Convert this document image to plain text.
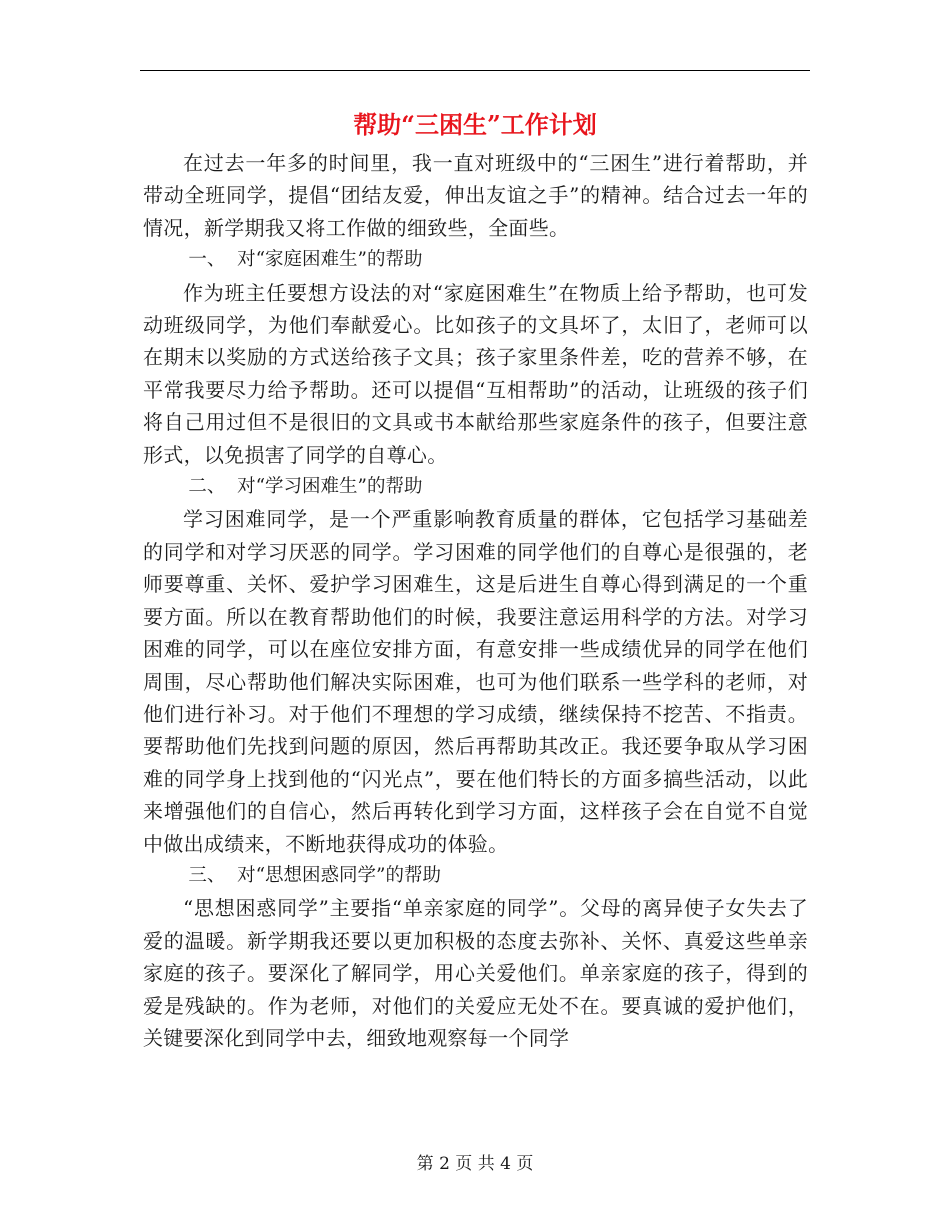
帮助“三困生”工作计划

在过去一年多的时间里，我一直对班级中的“三困生”进行着帮助，并带动全班同学，提倡“团结友爱，伸出友谊之手”的精神。结合过去一年的情况，新学期我又将工作做的细致些，全面些。

一、  对“家庭困难生”的帮助

作为班主任要想方设法的对“家庭困难生”在物质上给予帮助，也可发动班级同学，为他们奉献爱心。比如孩子的文具坏了，太旧了，老师可以在期末以奖励的方式送给孩子文具；孩子家里条件差，吃的营养不够，在平常我要尽力给予帮助。还可以提倡“互相帮助”的活动，让班级的孩子们将自己用过但不是很旧的文具或书本献给那些家庭条件的孩子，但要注意形式，以免损害了同学的自尊心。

二、  对“学习困难生”的帮助

学习困难同学，是一个严重影响教育质量的群体，它包括学习基础差的同学和对学习厌恶的同学。学习困难的同学他们的自尊心是很强的，老师要尊重、关怀、爱护学习困难生，这是后进生自尊心得到满足的一个重要方面。所以在教育帮助他们的时候，我要注意运用科学的方法。对学习困难的同学，可以在座位安排方面，有意安排一些成绩优异的同学在他们周围，尽心帮助他们解决实际困难，也可为他们联系一些学科的老师，对他们进行补习。对于他们不理想的学习成绩，继续保持不挖苦、不指责。要帮助他们先找到问题的原因，然后再帮助其改正。我还要争取从学习困难的同学身上找到他的“闪光点”，要在他们特长的方面多搞些活动，以此来增强他们的自信心，然后再转化到学习方面，这样孩子会在自觉不自觉中做出成绩来，不断地获得成功的体验。

三、  对“思想困惑同学”的帮助

“思想困惑同学”主要指“单亲家庭的同学”。父母的离异使子女失去了爱的温暖。新学期我还要以更加积极的态度去弥补、关怀、真爱这些单亲家庭的孩子。要深化了解同学，用心关爱他们。单亲家庭的孩子，得到的爱是残缺的。作为老师，对他们的关爱应无处不在。要真诚的爱护他们，关键要深化到同学中去，细致地观察每一个同学

第 2 页 共 4 页
